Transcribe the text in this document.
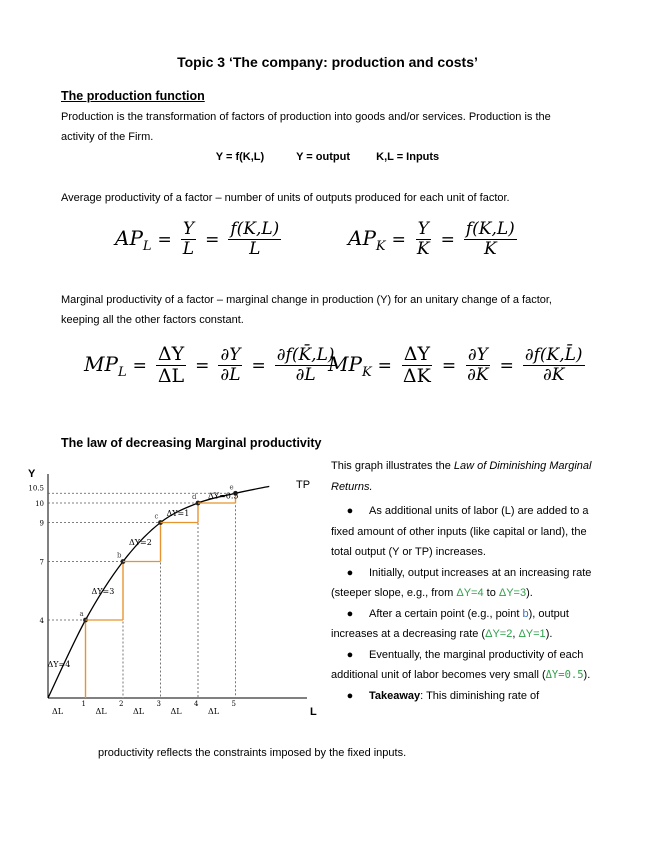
Topic 3 ‘The company: production and costs’
The production function
Production is the transformation of factors of production into goods and/or services. Production is the
activity of the Firm.
Y = f(K,L)	Y = output K,L = Inputs
Average productivity of a factor – number of units of outputs produced for each unit of factor.
$AP_L = \frac{Y}{L} = \frac{f(K,L)}{L}$	$AP_K = \frac{Y}{K} = \frac{f(K,L)}{K}$
Marginal productivity of a factor – marginal change in production (Y) for an unitary change of a factor,
keeping all the other factors constant.
$MP_L = \frac{\Delta Y}{\Delta L} = \frac{\partial Y}{\partial L} = \frac{\partial f(K̄,L)}{\partial L}$
$MP_K = \frac{\Delta Y}{\Delta K} = \frac{\partial Y}{\partial K} = \frac{\partial f(K,L̄)}{\partial K}$
The law of decreasing Marginal productivity
Y
L
TP
a
ΔY=4
1
ΔL
b
ΔY=3
2
ΔL
c
ΔY=2
3
ΔL
d
ΔY=1
4
ΔL
e
ΔY=0.5
5
ΔL
4
7
9
10
10.5
This graph illustrates the Law of Diminishing Marginal Returns.
● As additional units of labor (L) are added to a fixed amount of other inputs (like capital or land), the total output (Y or TP) increases.
● Initially, output increases at an increasing rate (steeper slope, e.g., from ΔY=4 to ΔY=3).
● After a certain point (e.g., point b), output increases at a decreasing rate (ΔY=2, ΔY=1).
● Eventually, the marginal productivity of each additional unit of labor becomes very small (ΔY=0.5).
● Takeaway: This diminishing rate of
productivity reflects the constraints imposed by the fixed inputs.
